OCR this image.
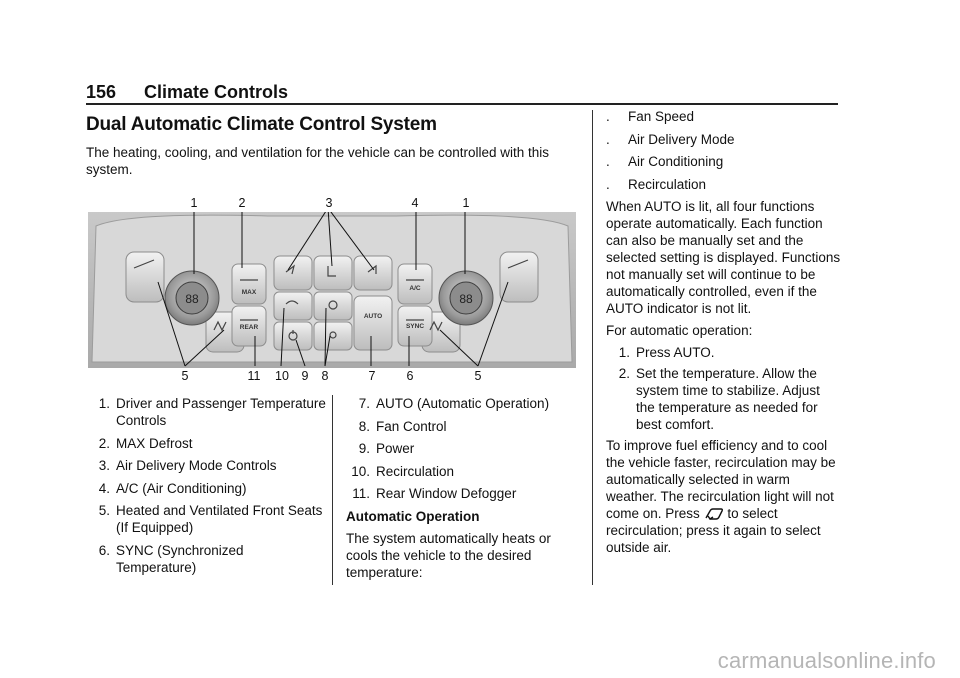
156 Climate Controls
Dual Automatic Climate Control System
The heating, cooling, and ventilation for the vehicle can be controlled with this system.
1	2	3	4	1
5	11 10	9	8	7	6	5
88	88
MAX
REAR
A/C
SYNC
AUTO
1. Driver and Passenger Temperature Controls
2. MAX Defrost
3. Air Delivery Mode Controls
4. A/C (Air Conditioning)
5. Heated and Ventilated Front Seats (If Equipped)
6. SYNC (Synchronized Temperature)
7. AUTO (Automatic Operation)
8. Fan Control
9. Power
10. Recirculation
11. Rear Window Defogger
Automatic Operation

The system automatically heats or cools the vehicle to the desired temperature:

. Fan Speed
. Air Delivery Mode
. Air Conditioning
. Recirculation

When AUTO is lit, all four functions operate automatically. Each function can also be manually set and the selected setting is displayed. Functions not manually set will continue to be automatically controlled, even if the AUTO indicator is not lit.

For automatic operation:

1. Press AUTO.
2. Set the temperature. Allow the system time to stabilize. Adjust the temperature as needed for best comfort.

To improve fuel efficiency and to cool the vehicle faster, recirculation may be automatically selected in warm weather. The recirculation light will not come on. Press to select recirculation; press it again to select outside air.

carmanualsonline.info
